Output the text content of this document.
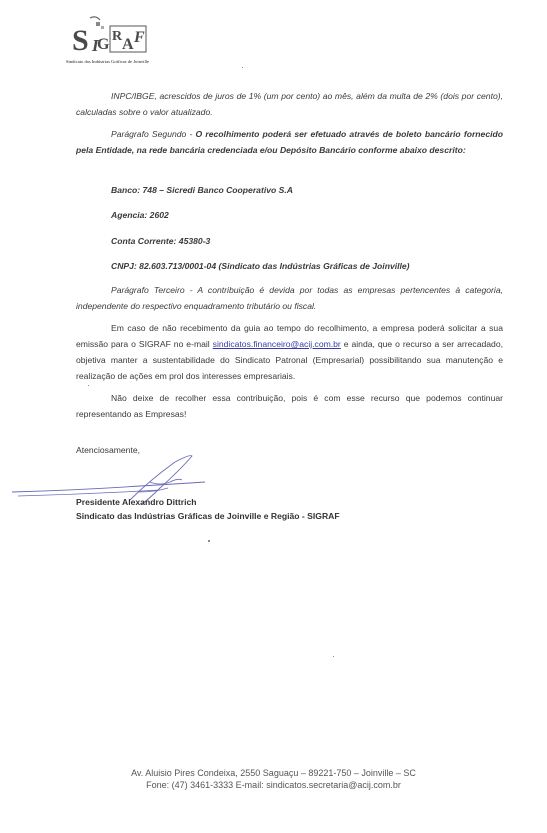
S I
G R A F
Sindicato das Indústrias Gráficas de Joinville

INPC/IBGE, acrescidos de juros de 1% (um por cento) ao mês, além da multa de 2% (dois por cento), calculadas sobre o valor atualizado.

Parágrafo Segundo - O recolhimento poderá ser efetuado através de boleto bancário fornecido pela Entidade, na rede bancária credenciada e/ou Depósito Bancário conforme abaixo descrito:

Banco: 748 – Sicredi Banco Cooperativo S.A

Agencia: 2602

Conta Corrente: 45380-3

CNPJ: 82.603.713/0001-04 (Sindicato das Indústrias Gráficas de Joinville)

Parágrafo Terceiro - A contribuição é devida por todas as empresas pertencentes à categoria, independente do respectivo enquadramento tributário ou fiscal.

Em caso de não recebimento da guia ao tempo do recolhimento, a empresa poderá solicitar a sua emissão para o SIGRAF no e-mail sindicatos.financeiro@acij.com.br e ainda, que o recurso a ser arrecadado, objetiva manter a sustentabilidade do Sindicato Patronal (Empresarial) possibilitando sua manutenção e realização de ações em prol dos interesses empresariais.

Não deixe de recolher essa contribuição, pois é com esse recurso que podemos continuar representando as Empresas!

Atenciosamente,

Presidente Alexandro Dittrich

Sindicato das Indústrias Gráficas de Joinville e Região - SIGRAF

Av. Aluisio Pires Condeixa, 2550 Saguaçu – 89221-750 – Joinville – SC

Fone: (47) 3461-3333 E-mail: sindicatos.secretaria@acij.com.br
